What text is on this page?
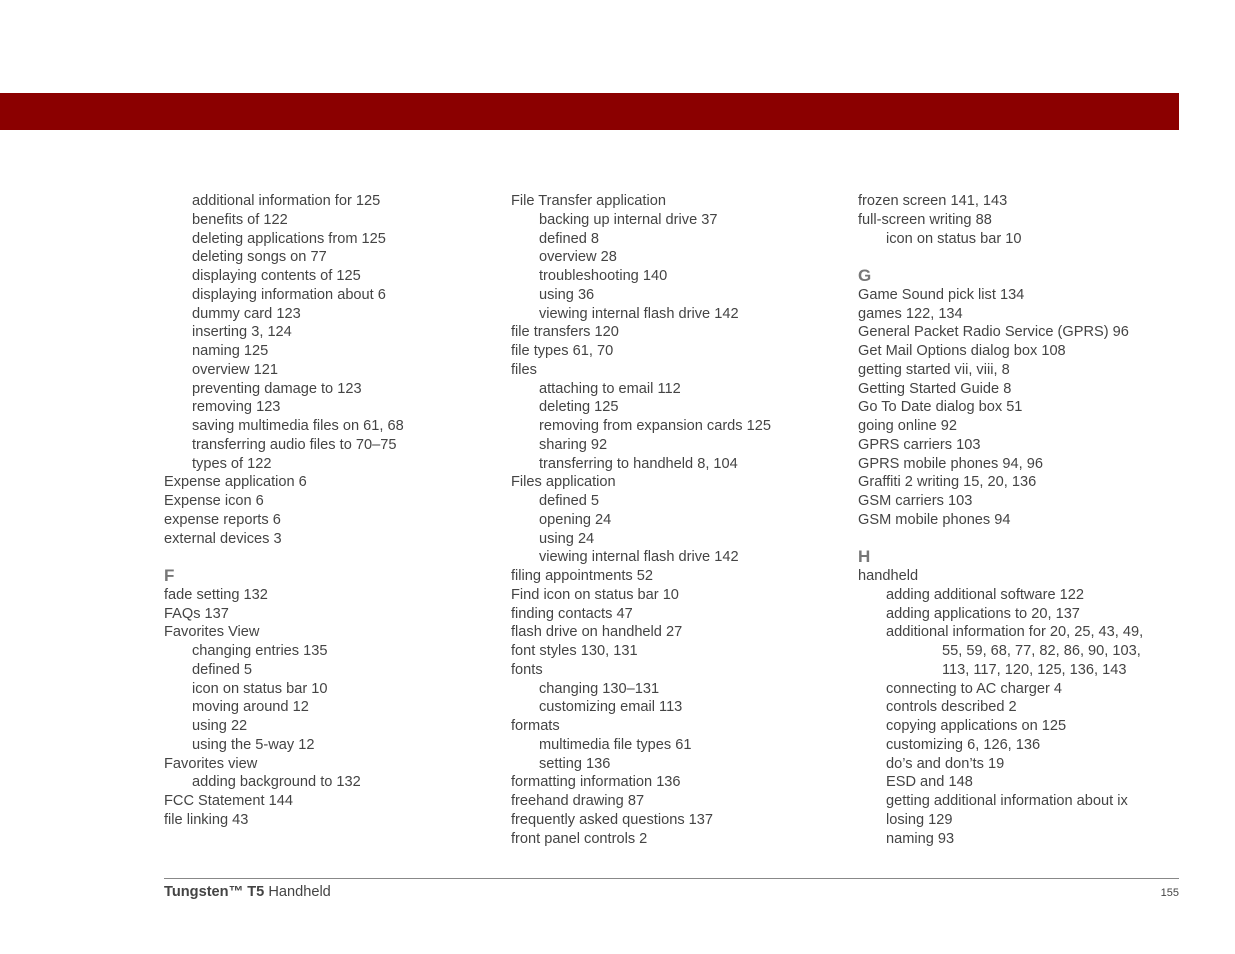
additional information for 125
benefits of 122
deleting applications from 125
deleting songs on 77
displaying contents of 125
displaying information about 6
dummy card 123
inserting 3, 124
naming 125
overview 121
preventing damage to 123
removing 123
saving multimedia files on 61, 68
transferring audio files to 70–75
types of 122
Expense application 6
Expense icon 6
expense reports 6
external devices 3
F
fade setting 132
FAQs 137
Favorites View
changing entries 135
defined 5
icon on status bar 10
moving around 12
using 22
using the 5-way 12
Favorites view
adding background to 132
FCC Statement 144
file linking 43
File Transfer application
backing up internal drive 37
defined 8
overview 28
troubleshooting 140
using 36
viewing internal flash drive 142
file transfers 120
file types 61, 70
files
attaching to email 112
deleting 125
removing from expansion cards 125
sharing 92
transferring to handheld 8, 104
Files application
defined 5
opening 24
using 24
viewing internal flash drive 142
filing appointments 52
Find icon on status bar 10
finding contacts 47
flash drive on handheld 27
font styles 130, 131
fonts
changing 130–131
customizing email 113
formats
multimedia file types 61
setting 136
formatting information 136
freehand drawing 87
frequently asked questions 137
front panel controls 2
frozen screen 141, 143
full-screen writing 88
icon on status bar 10
G
Game Sound pick list 134
games 122, 134
General Packet Radio Service (GPRS) 96
Get Mail Options dialog box 108
getting started vii, viii, 8
Getting Started Guide 8
Go To Date dialog box 51
going online 92
GPRS carriers 103
GPRS mobile phones 94, 96
Graffiti 2 writing 15, 20, 136
GSM carriers 103
GSM mobile phones 94
H
handheld
adding additional software 122
adding applications to 20, 137
additional information for 20, 25, 43, 49,
55, 59, 68, 77, 82, 86, 90, 103,
113, 117, 120, 125, 136, 143
connecting to AC charger 4
controls described 2
copying applications on 125
customizing 6, 126, 136
do’s and don’ts 19
ESD and 148
getting additional information about ix
losing 129
naming 93
Tungsten™ T5 Handheld	155
